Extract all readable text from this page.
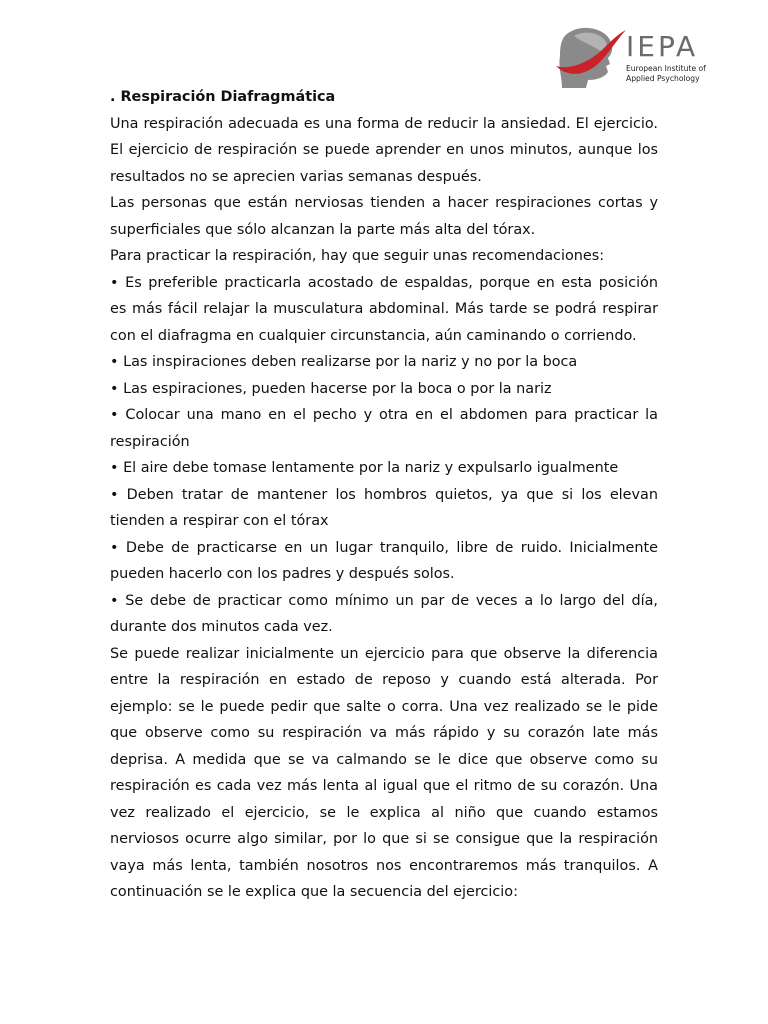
IEPA
European Institute of
Applied Psychology

. Respiración Diafragmática

Una respiración adecuada es una forma de reducir la ansiedad. El ejercicio. El ejercicio de respiración se puede aprender en unos minutos, aunque los resultados no se aprecien varias semanas después.

Las personas que están nerviosas tienden a hacer respiraciones cortas y superficiales que sólo alcanzan la parte más alta del tórax.

Para practicar la respiración, hay que seguir unas recomendaciones:

• Es preferible practicarla acostado de espaldas, porque en esta posición es más fácil relajar la musculatura abdominal. Más tarde se podrá respirar con el diafragma en cualquier circunstancia, aún caminando o corriendo.

• Las inspiraciones deben realizarse por la nariz y no por la boca

• Las espiraciones, pueden hacerse por la boca o por la nariz

• Colocar una mano en el pecho y otra en el abdomen para practicar la respiración

• El aire debe tomase lentamente por la nariz y expulsarlo igualmente

• Deben tratar de mantener los hombros quietos, ya que si los elevan tienden a respirar con el tórax

• Debe de practicarse en un lugar tranquilo, libre de ruido. Inicialmente pueden hacerlo con los padres y después solos.

• Se debe de practicar como mínimo un par de veces a lo largo del día, durante dos minutos cada vez.

Se puede realizar inicialmente un ejercicio para que observe la diferencia entre la respiración en estado de reposo y cuando está alterada. Por ejemplo: se le puede pedir que salte o corra. Una vez realizado se le pide que observe como su respiración va más rápido y su corazón late más deprisa. A medida que se va calmando se le dice que observe como su respiración es cada vez más lenta al igual que el ritmo de su corazón. Una vez realizado el ejercicio, se le explica al niño que cuando estamos nerviosos ocurre algo similar, por lo que si se consigue que la respiración vaya más lenta, también nosotros nos encontraremos más tranquilos. A continuación se le explica que la secuencia del ejercicio:
